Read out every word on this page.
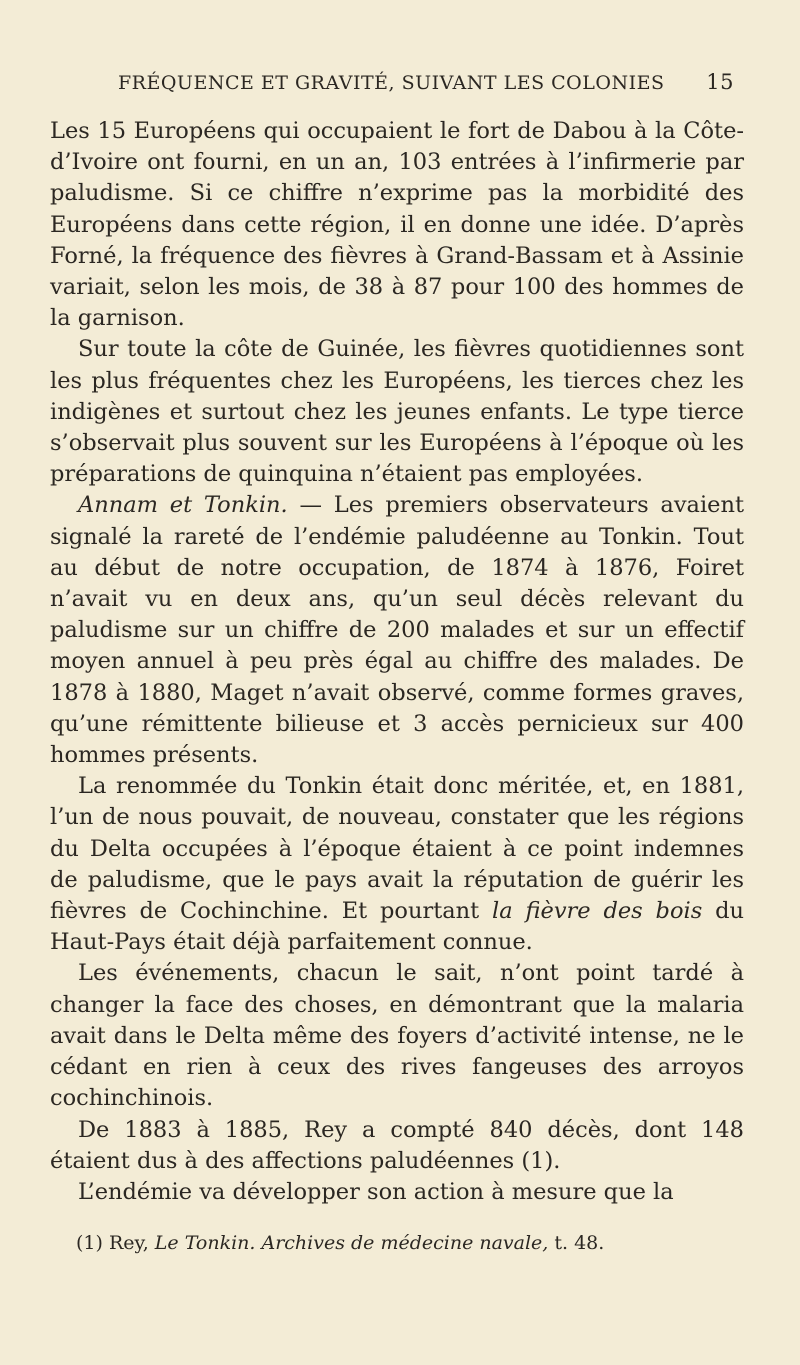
FRÉQUENCE ET GRAVITÉ, SUIVANT LES COLONIES 15

Les 15 Européens qui occupaient le fort de Dabou à la Côte-d’Ivoire ont fourni, en un an, 103 entrées à l’infirmerie par paludisme. Si ce chiffre n’exprime pas la morbidité des Européens dans cette région, il en donne une idée. D’après Forné, la fréquence des fièvres à Grand-Bassam et à Assinie variait, selon les mois, de 38 à 87 pour 100 des hommes de la garnison.

Sur toute la côte de Guinée, les fièvres quotidiennes sont les plus fréquentes chez les Européens, les tierces chez les indigènes et surtout chez les jeunes enfants. Le type tierce s’observait plus souvent sur les Européens à l’époque où les préparations de quinquina n’étaient pas employées.

Annam et Tonkin. — Les premiers observateurs avaient signalé la rareté de l’endémie paludéenne au Tonkin. Tout au début de notre occupation, de 1874 à 1876, Foiret n’avait vu en deux ans, qu’un seul décès relevant du paludisme sur un chiffre de 200 malades et sur un effectif moyen annuel à peu près égal au chiffre des malades. De 1878 à 1880, Maget n’avait observé, comme formes graves, qu’une rémittente bilieuse et 3 accès pernicieux sur 400 hommes présents.

La renommée du Tonkin était donc méritée, et, en 1881, l’un de nous pouvait, de nouveau, constater que les régions du Delta occupées à l’époque étaient à ce point indemnes de paludisme, que le pays avait la réputation de guérir les fièvres de Cochinchine. Et pourtant la fièvre des bois du Haut-Pays était déjà parfaitement connue.

Les événements, chacun le sait, n’ont point tardé à changer la face des choses, en démontrant que la malaria avait dans le Delta même des foyers d’activité intense, ne le cédant en rien à ceux des rives fangeuses des arroyos cochinchinois.

De 1883 à 1885, Rey a compté 840 décès, dont 148 étaient dus à des affections paludéennes (1).

L’endémie va développer son action à mesure que la

(1) Rey, Le Tonkin. Archives de médecine navale, t. 48.
